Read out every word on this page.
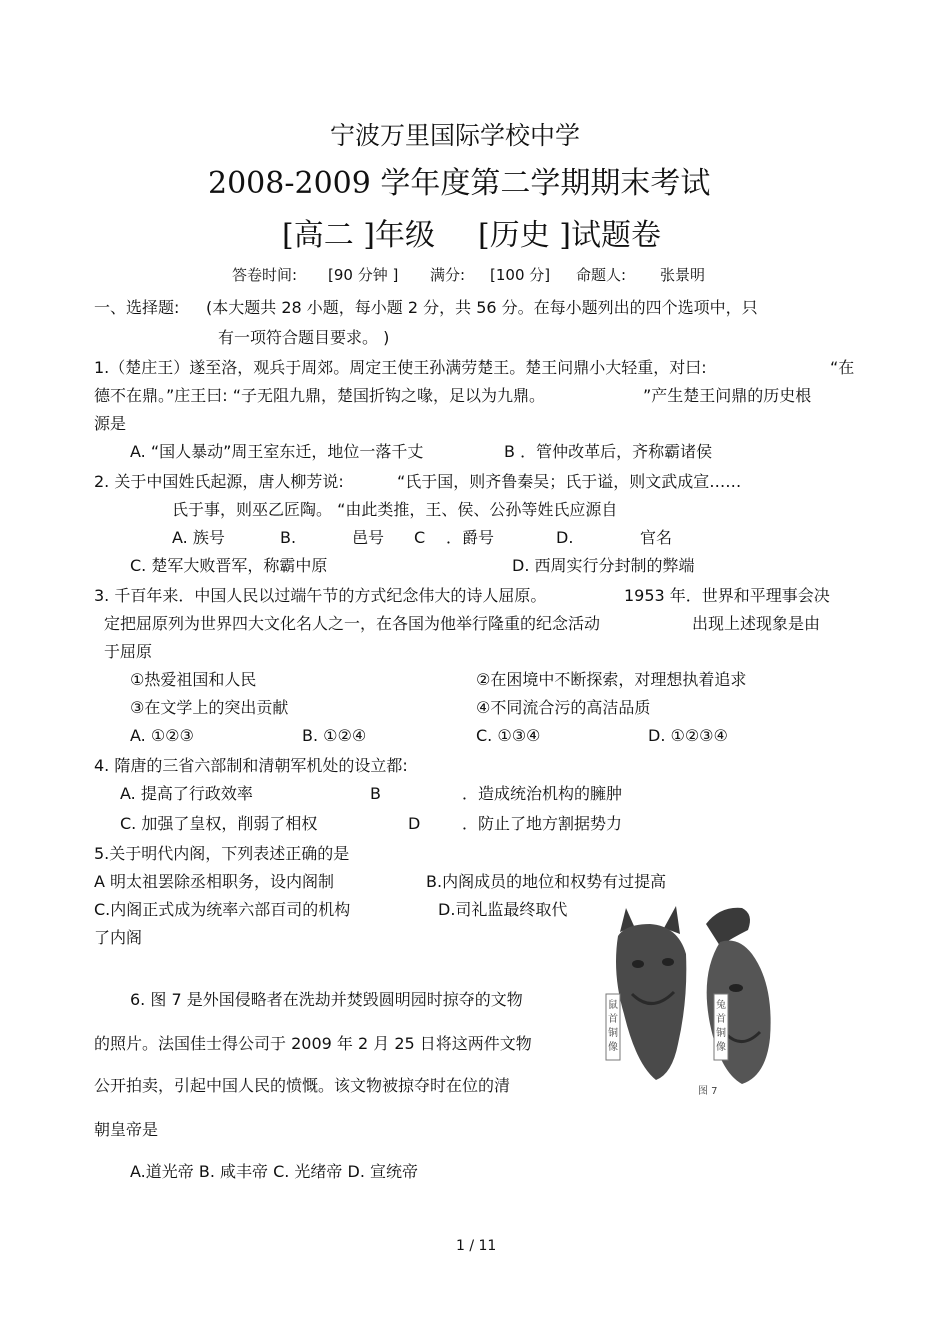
宁波万里国际学校中学
2008-2009 学年度第二学期期末考试
[高二 ]年级 [历史 ]试题卷
答卷时间: [90 分钟 ] 满分: [100 分] 命题人: 张景明
一、选择题: (本大题共 28 小题，每小题 2 分，共 56 分。在每小题列出的四个选项中，只
有一项符合题目要求。 )
1.（楚庄王）遂至洛，观兵于周郊。周定王使王孙满劳楚王。楚王问鼎小大轻重，对曰:	“在
德不在鼎。”庄王曰: “子无阻九鼎，楚国折钩之喙，足以为九鼎。	”产生楚王问鼎的历史根
源是
A. “国人暴动”周王室东迁，地位一落千丈	B ．管仲改革后，齐称霸诸侯
2. 关于中国姓氏起源，唐人柳芳说:	“氏于国，则齐鲁秦吴；氏于谥，则文武成宣……
氏于事，则巫乙匠陶。 “由此类推，王、侯、公孙等姓氏应源自
A. 族号	B.	邑号 C ．爵号	D.	官名
C. 楚军大败晋军，称霸中原	D. 西周实行分封制的弊端
3. 千百年来．中国人民以过端午节的方式纪念伟大的诗人屈原。	1953 年．世界和平理事会决
定把屈原列为世界四大文化名人之一，在各国为他举行隆重的纪念活动	出现上述现象是由
于屈原
①热爱祖国和人民	②在困境中不断探索，对理想执着追求
③在文学上的突出贡献	④不同流合污的高洁品质
A. ①②③	B. ①②④	C. ①③④	D. ①②③④
4. 隋唐的三省六部制和清朝军机处的设立都:
A. 提高了行政效率	B	．造成统治机构的臃肿
C. 加强了皇权，削弱了相权	D	．防止了地方割据势力
5.关于明代内阁，下列表述正确的是
A 明太祖罢除丞相职务，设内阁制	B.内阁成员的地位和权势有过提高
C.内阁正式成为统率六部百司的机构	D.司礼监最终取代
了内阁
6. 图 7 是外国侵略者在洗劫并焚毁圆明园时掠夺的文物
的照片。法国佳士得公司于 2009 年 2 月 25 日将这两件文物
公开拍卖，引起中国人民的愤慨。该文物被掠夺时在位的清
朝皇帝是
A.道光帝 B. 咸丰帝 C. 光绪帝 D. 宣统帝
鼠
首
铜
像
兔
首
铜
像
图 7
1 / 11
